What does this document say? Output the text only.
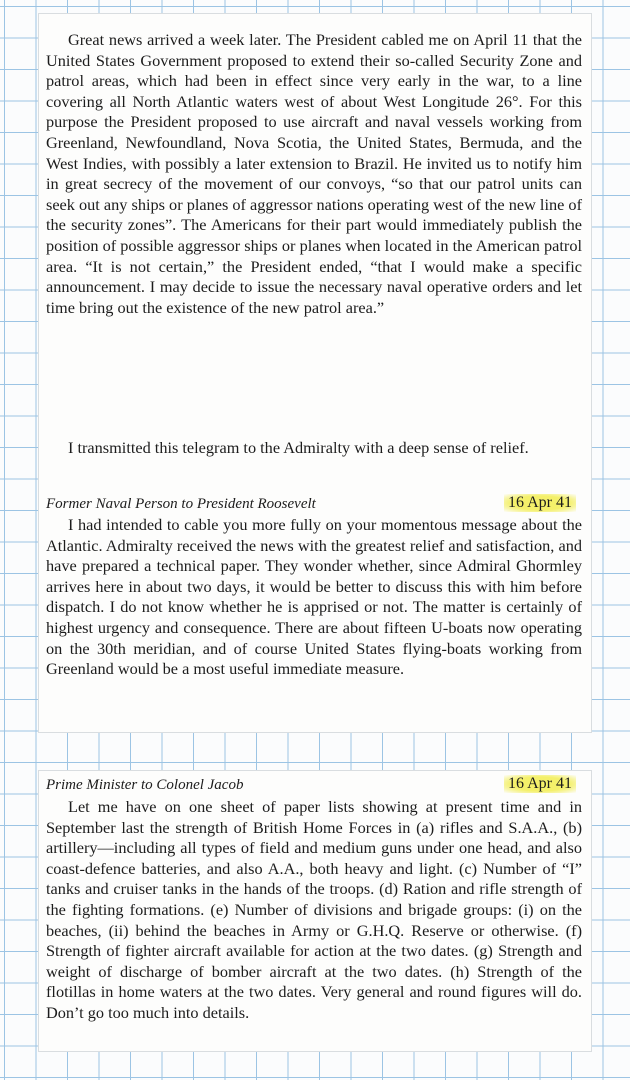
Great news arrived a week later. The President cabled me on April 11 that the United States Government proposed to extend their so-called Security Zone and patrol areas, which had been in effect since very early in the war, to a line covering all North Atlantic waters west of about West Longitude 26°. For this purpose the President proposed to use aircraft and naval vessels working from Greenland, Newfoundland, Nova Scotia, the United States, Bermuda, and the West Indies, with possibly a later extension to Brazil. He invited us to notify him in great secrecy of the movement of our convoys, “so that our patrol units can seek out any ships or planes of aggressor nations operating west of the new line of the security zones”. The Americans for their part would immediately publish the position of possible aggressor ships or planes when located in the American patrol area. “It is not certain,” the President ended, “that I would make a specific announcement. I may decide to issue the necessary naval operative orders and let time bring out the existence of the new patrol area.”

I transmitted this telegram to the Admiralty with a deep sense of relief.

Former Naval Person to President Roosevelt	16 Apr 41

I had intended to cable you more fully on your momentous message about the Atlantic. Admiralty received the news with the greatest relief and satisfaction, and have prepared a technical paper. They wonder whether, since Admiral Ghormley arrives here in about two days, it would be better to discuss this with him before dispatch. I do not know whether he is apprised or not. The matter is certainly of highest urgency and consequence. There are about fifteen U-boats now operating on the 30th meridian, and of course United States flying-boats working from Greenland would be a most useful immediate measure.

Prime Minister to Colonel Jacob	16 Apr 41

Let me have on one sheet of paper lists showing at present time and in September last the strength of British Home Forces in (a) rifles and S.A.A., (b) artillery—including all types of field and medium guns under one head, and also coast-defence batteries, and also A.A., both heavy and light. (c) Number of “I” tanks and cruiser tanks in the hands of the troops. (d) Ration and rifle strength of the fighting formations. (e) Number of divisions and brigade groups: (i) on the beaches, (ii) behind the beaches in Army or G.H.Q. Reserve or otherwise. (f) Strength of fighter aircraft available for action at the two dates. (g) Strength and weight of discharge of bomber aircraft at the two dates. (h) Strength of the flotillas in home waters at the two dates. Very general and round figures will do. Don’t go too much into details.
